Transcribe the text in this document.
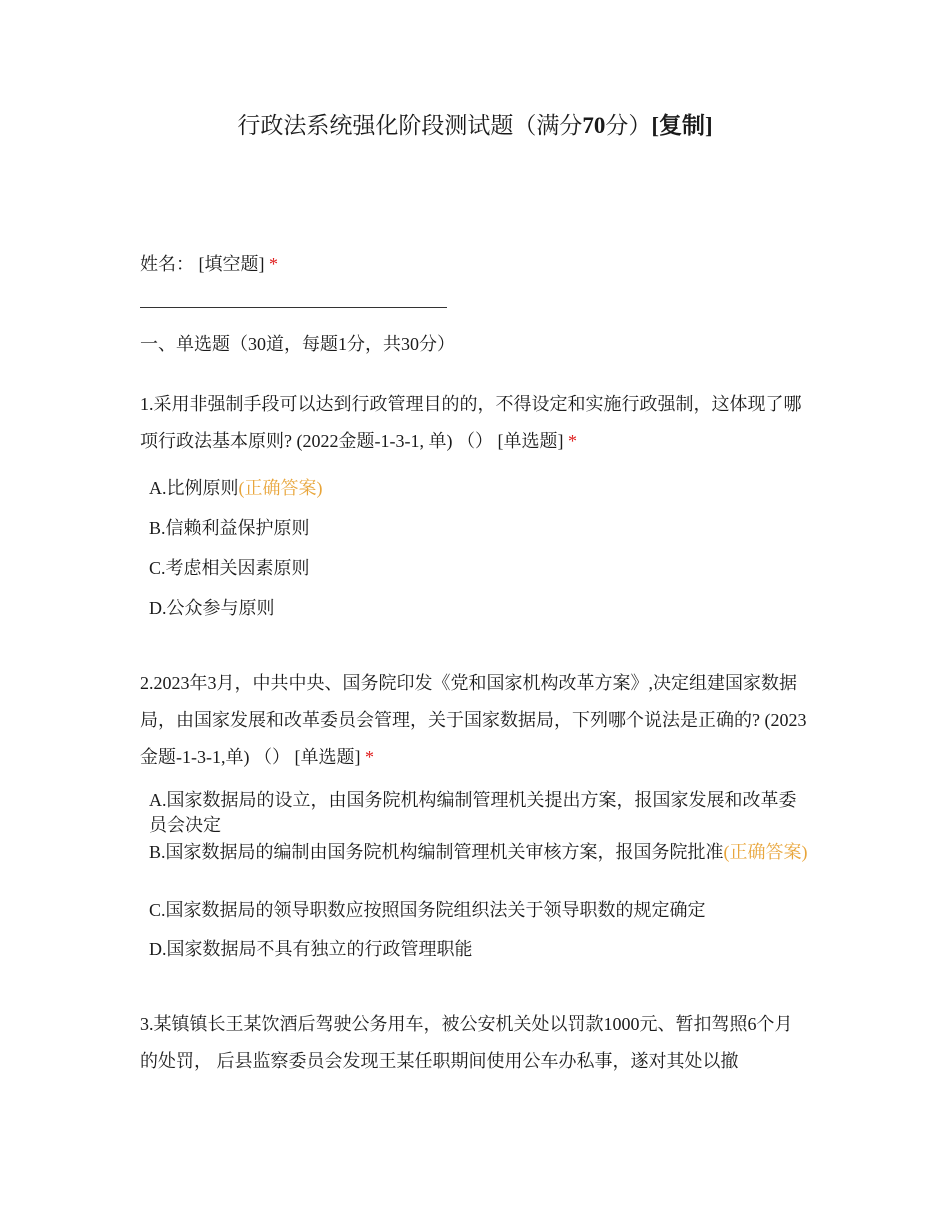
行政法系统强化阶段测试题（满分70分）[复制]
姓名： [填空题] *
一、单选题（30道，每题1分，共30分）
1.采用非强制手段可以达到行政管理目的的，不得设定和实施行政强制，这体现了哪项行政法基本原则? (2022金题-1-3-1, 单) （） [单选题] *
A.比例原则(正确答案)
B.信赖利益保护原则
C.考虑相关因素原则
D.公众参与原则
2.2023年3月，中共中央、国务院印发《党和国家机构改革方案》,决定组建国家数据局，由国家发展和改革委员会管理，关于国家数据局，下列哪个说法是正确的? (2023金题-1-3-1,单) （） [单选题] *
A.国家数据局的设立，由国务院机构编制管理机关提出方案，报国家发展和改革委员会决定
B.国家数据局的编制由国务院机构编制管理机关审核方案，报国务院批准(正确答案)
C.国家数据局的领导职数应按照国务院组织法关于领导职数的规定确定
D.国家数据局不具有独立的行政管理职能
3.某镇镇长王某饮酒后驾驶公务用车，被公安机关处以罚款1000元、暂扣驾照6个月的处罚， 后县监察委员会发现王某任职期间使用公车办私事，遂对其处以撤
